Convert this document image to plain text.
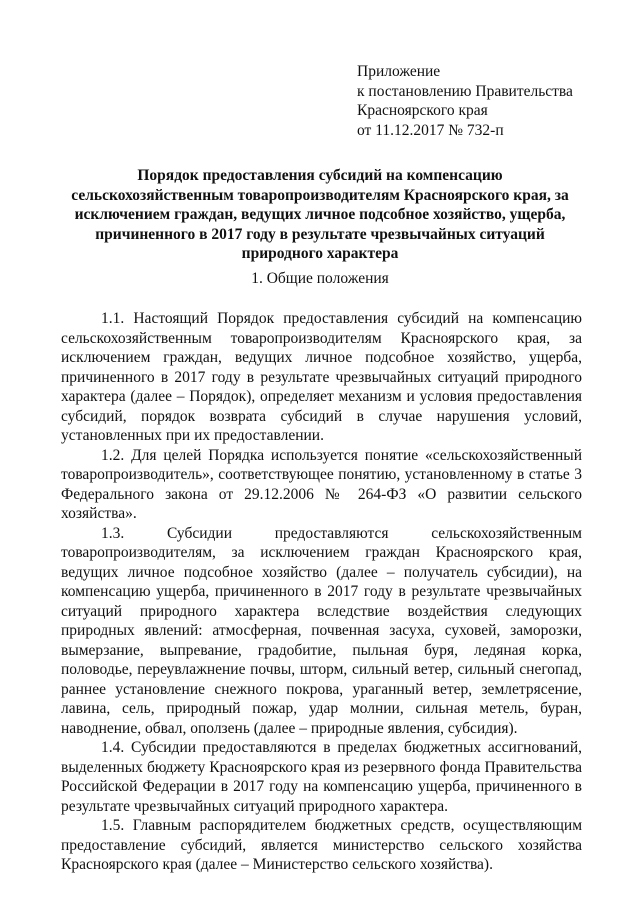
Приложение
к постановлению Правительства
Красноярского края
от 11.12.2017 № 732-п
Порядок предоставления субсидий на компенсацию сельскохозяйственным товаропроизводителям Красноярского края, за исключением граждан, ведущих личное подсобное хозяйство, ущерба, причиненного в 2017 году в результате чрезвычайных ситуаций природного характера
1. Общие положения

1.1. Настоящий Порядок предоставления субсидий на компенсацию сельскохозяйственным товаропроизводителям Красноярского края, за исключением граждан, ведущих личное подсобное хозяйство, ущерба, причиненного в 2017 году в результате чрезвычайных ситуаций природного характера (далее – Порядок), определяет механизм и условия предоставления субсидий, порядок возврата субсидий в случае нарушения условий, установленных при их предоставлении.

1.2. Для целей Порядка используется понятие «сельскохозяйственный товаропроизводитель», соответствующее понятию, установленному в статье 3 Федерального закона от 29.12.2006 № 264-ФЗ «О развитии сельского хозяйства».

1.3. Субсидии предоставляются сельскохозяйственным товаропроизводителям, за исключением граждан Красноярского края, ведущих личное подсобное хозяйство (далее – получатель субсидии), на компенсацию ущерба, причиненного в 2017 году в результате чрезвычайных ситуаций природного характера вследствие воздействия следующих природных явлений: атмосферная, почвенная засуха, суховей, заморозки, вымерзание, выпревание, градобитие, пыльная буря, ледяная корка, половодье, переувлажнение почвы, шторм, сильный ветер, сильный снегопад, раннее установление снежного покрова, ураганный ветер, землетрясение, лавина, сель, природный пожар, удар молнии, сильная метель, буран, наводнение, обвал, оползень (далее – природные явления, субсидия).

1.4. Субсидии предоставляются в пределах бюджетных ассигнований, выделенных бюджету Красноярского края из резервного фонда Правительства Российской Федерации в 2017 году на компенсацию ущерба, причиненного в результате чрезвычайных ситуаций природного характера.

1.5. Главным распорядителем бюджетных средств, осуществляющим предоставление субсидий, является министерство сельского хозяйства Красноярского края (далее – Министерство сельского хозяйства).
